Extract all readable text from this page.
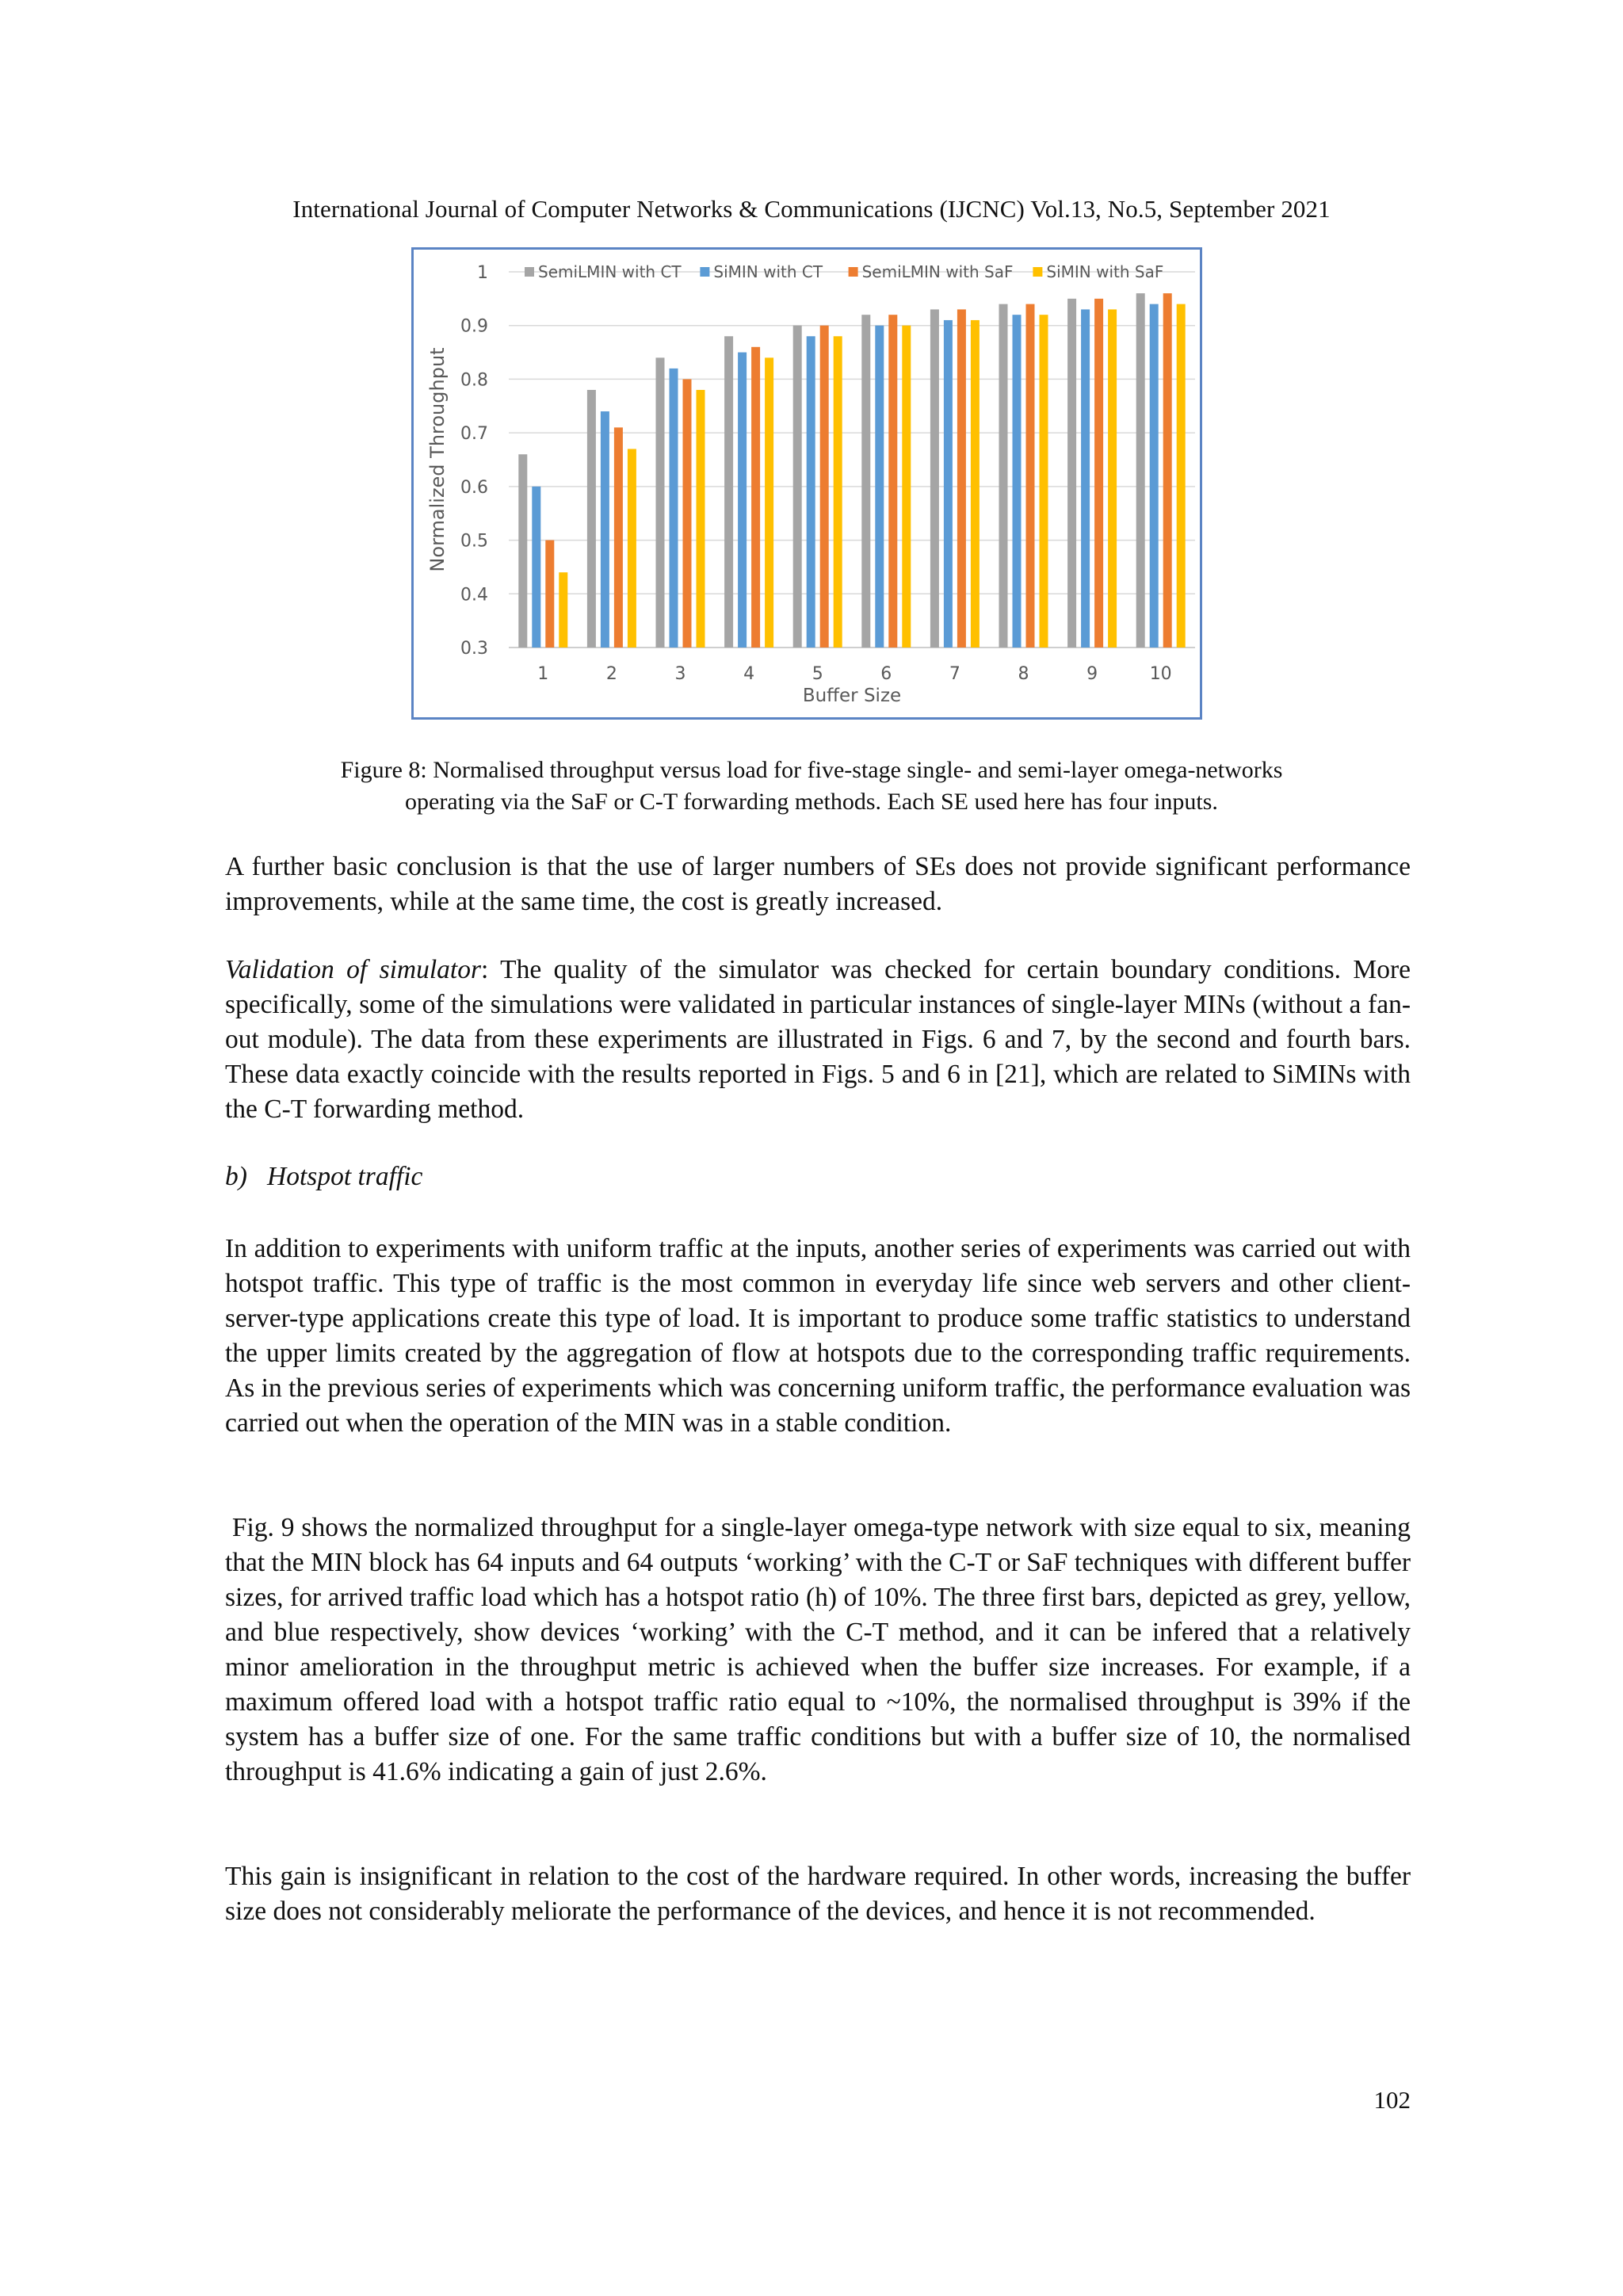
International Journal of Computer Networks & Communications (IJCNC) Vol.13, No.5, September 2021
0.3
0.4
0.5
0.6
0.7
0.8
0.9
1
1	2	3	4	5	6	7	8	9	10
Buffer Size
Normalized Throughput
SemiLMIN with CT SiMIN with CT SemiLMIN with SaF SiMIN with SaF
Figure 8: Normalised throughput versus load for five-stage single- and semi-layer omega-networks
operating via the SaF or C-T forwarding methods. Each SE used here has four inputs.

A further basic conclusion is that the use of larger numbers of SEs does not provide significant performance improvements, while at the same time, the cost is greatly increased.

Validation of simulator: The quality of the simulator was checked for certain boundary conditions. More specifically, some of the simulations were validated in particular instances of single-layer MINs (without a fan-out module). The data from these experiments are illustrated in Figs. 6 and 7, by the second and fourth bars. These data exactly coincide with the results reported in Figs. 5 and 6 in [21], which are related to SiMINs with the C-T forwarding method.

b)   Hotspot traffic

In addition to experiments with uniform traffic at the inputs, another series of experiments was carried out with hotspot traffic. This type of traffic is the most common in everyday life since web servers and other client-server-type applications create this type of load. It is important to produce some traffic statistics to understand the upper limits created by the aggregation of flow at hotspots due to the corresponding traffic requirements. As in the previous series of experiments which was concerning uniform traffic, the performance evaluation was carried out when the operation of the MIN was in a stable condition.

Fig. 9 shows the normalized throughput for a single-layer omega-type network with size equal to six, meaning that the MIN block has 64 inputs and 64 outputs ‘working’ with the C-T or SaF techniques with different buffer sizes, for arrived traffic load which has a hotspot ratio (h) of 10%. The three first bars, depicted as grey, yellow, and blue respectively, show devices ‘working’ with the C-T method, and it can be infered that a relatively minor amelioration in the throughput metric is achieved when the buffer size increases. For example, if a maximum offered load with a hotspot traffic ratio equal to ~10%, the normalised throughput is 39% if the system has a buffer size of one. For the same traffic conditions but with a buffer size of 10, the normalised throughput is 41.6% indicating a gain of just 2.6%.

This gain is insignificant in relation to the cost of the hardware required. In other words, increasing the buffer size does not considerably meliorate the performance of the devices, and hence it is not recommended.

102
